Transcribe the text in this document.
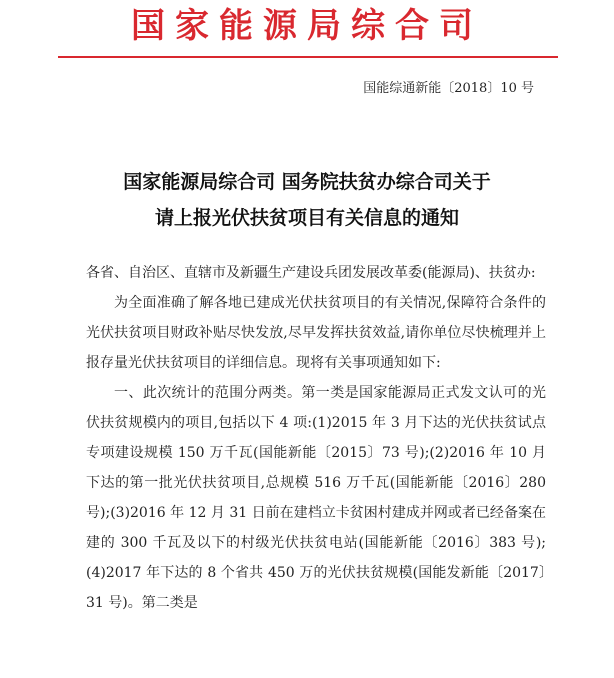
国家能源局综合司
国能综通新能〔2018〕10 号
国家能源局综合司 国务院扶贫办综合司关于
请上报光伏扶贫项目有关信息的通知

各省、自治区、直辖市及新疆生产建设兵团发展改革委(能源局)、扶贫办:

为全面准确了解各地已建成光伏扶贫项目的有关情况,保障符合条件的光伏扶贫项目财政补贴尽快发放,尽早发挥扶贫效益,请你单位尽快梳理并上报存量光伏扶贫项目的详细信息。现将有关事项通知如下:

一、此次统计的范围分两类。第一类是国家能源局正式发文认可的光伏扶贫规模内的项目,包括以下 4 项:(1)2015 年 3 月下达的光伏扶贫试点专项建设规模 150 万千瓦(国能新能〔2015〕73 号);(2)2016 年 10 月下达的第一批光伏扶贫项目,总规模 516 万千瓦(国能新能〔2016〕280 号);(3)2016 年 12 月 31 日前在建档立卡贫困村建成并网或者已经备案在建的 300 千瓦及以下的村级光伏扶贫电站(国能新能〔2016〕383 号);(4)2017 年下达的 8 个省共 450 万的光伏扶贫规模(国能发新能〔2017〕31 号)。第二类是
